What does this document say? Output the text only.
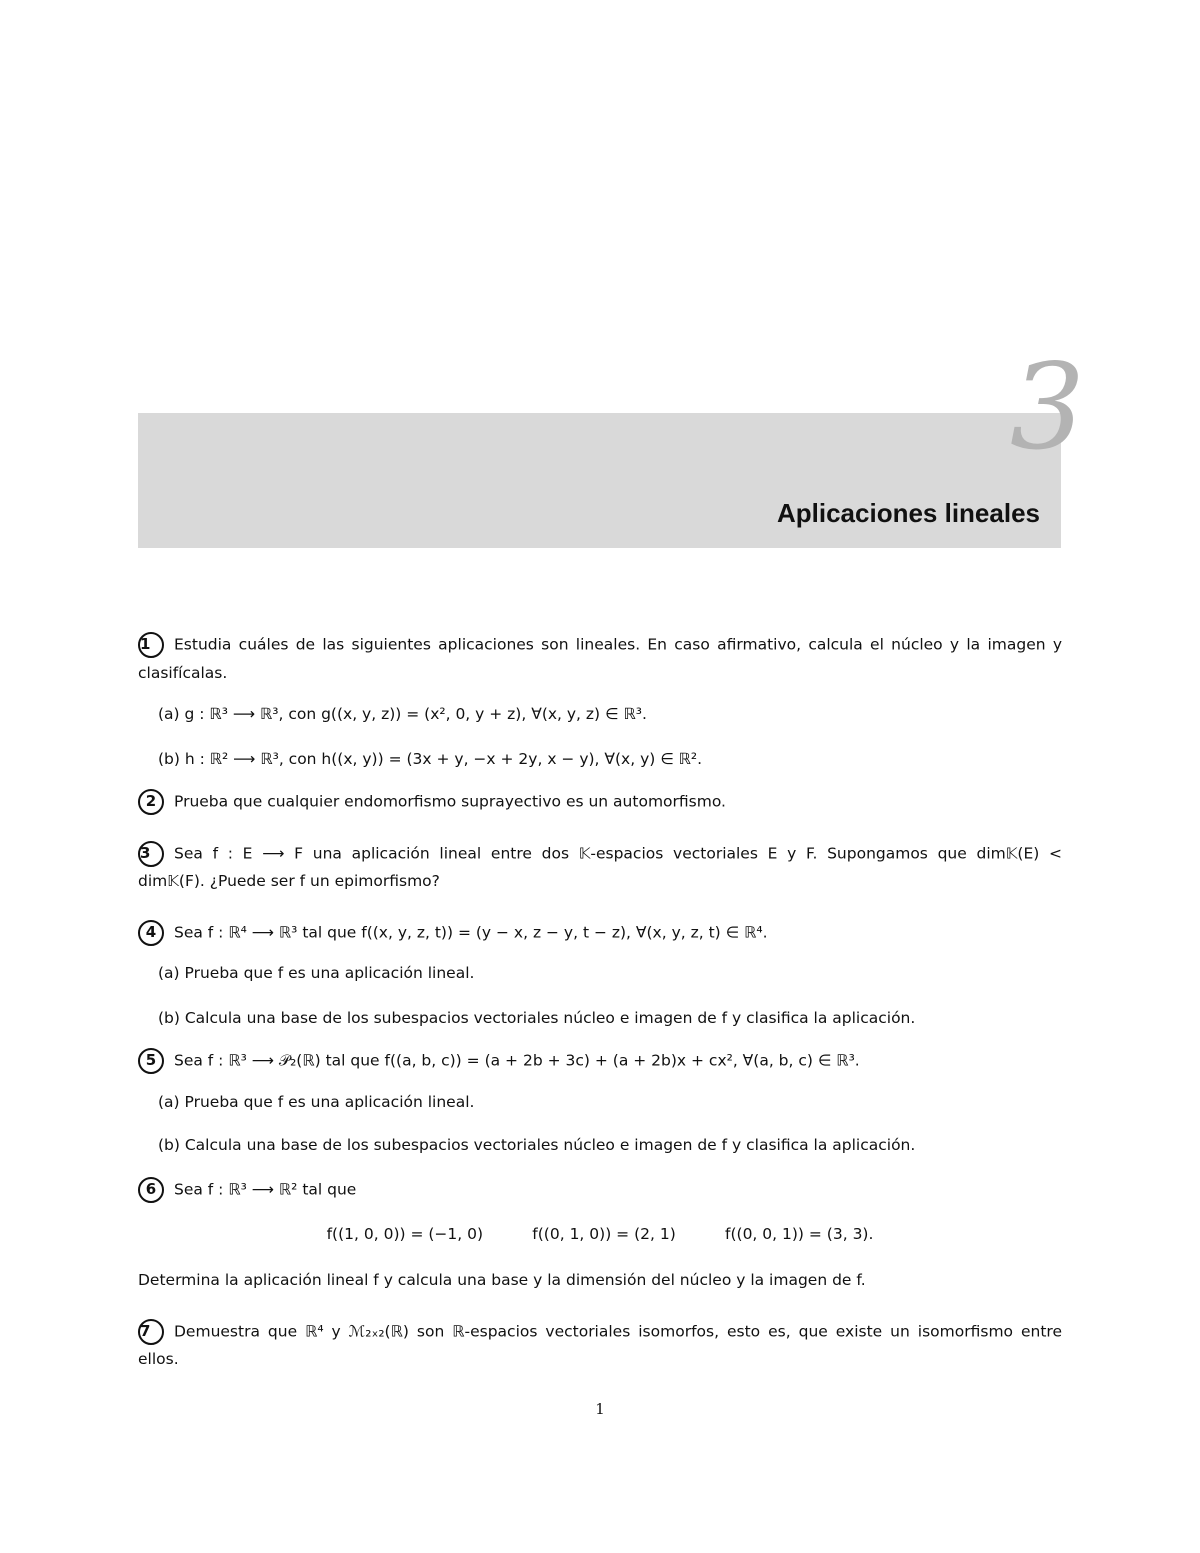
3
Aplicaciones lineales
1 Estudia cuáles de las siguientes aplicaciones son lineales. En caso afirmativo, calcula el núcleo y la imagen y
clasifícalas.
(a) g : ℝ³ ⟶ ℝ³, con g((x, y, z)) = (x², 0, y + z), ∀(x, y, z) ∈ ℝ³.
(b) h : ℝ² ⟶ ℝ³, con h((x, y)) = (3x + y, −x + 2y, x − y), ∀(x, y) ∈ ℝ².
2 Prueba que cualquier endomorfismo suprayectivo es un automorfismo.
3 Sea f : E ⟶ F una aplicación lineal entre dos 𝕂-espacios vectoriales E y F. Supongamos que dim𝕂(E) <
dim𝕂(F). ¿Puede ser f un epimorfismo?
4 Sea f : ℝ⁴ ⟶ ℝ³ tal que f((x, y, z, t)) = (y − x, z − y, t − z), ∀(x, y, z, t) ∈ ℝ⁴.
(a) Prueba que f es una aplicación lineal.
(b) Calcula una base de los subespacios vectoriales núcleo e imagen de f y clasifica la aplicación.
5 Sea f : ℝ³ ⟶ 𝒫₂(ℝ) tal que f((a, b, c)) = (a + 2b + 3c) + (a + 2b)x + cx², ∀(a, b, c) ∈ ℝ³.
(a) Prueba que f es una aplicación lineal.
(b) Calcula una base de los subespacios vectoriales núcleo e imagen de f y clasifica la aplicación.
6 Sea f : ℝ³ ⟶ ℝ² tal que
f((1, 0, 0)) = (−1, 0)          f((0, 1, 0)) = (2, 1)          f((0, 0, 1)) = (3, 3).
Determina la aplicación lineal f y calcula una base y la dimensión del núcleo y la imagen de f.
7 Demuestra que ℝ⁴ y ℳ₂ₓ₂(ℝ) son ℝ-espacios vectoriales isomorfos, esto es, que existe un isomorfismo entre
ellos.
1
